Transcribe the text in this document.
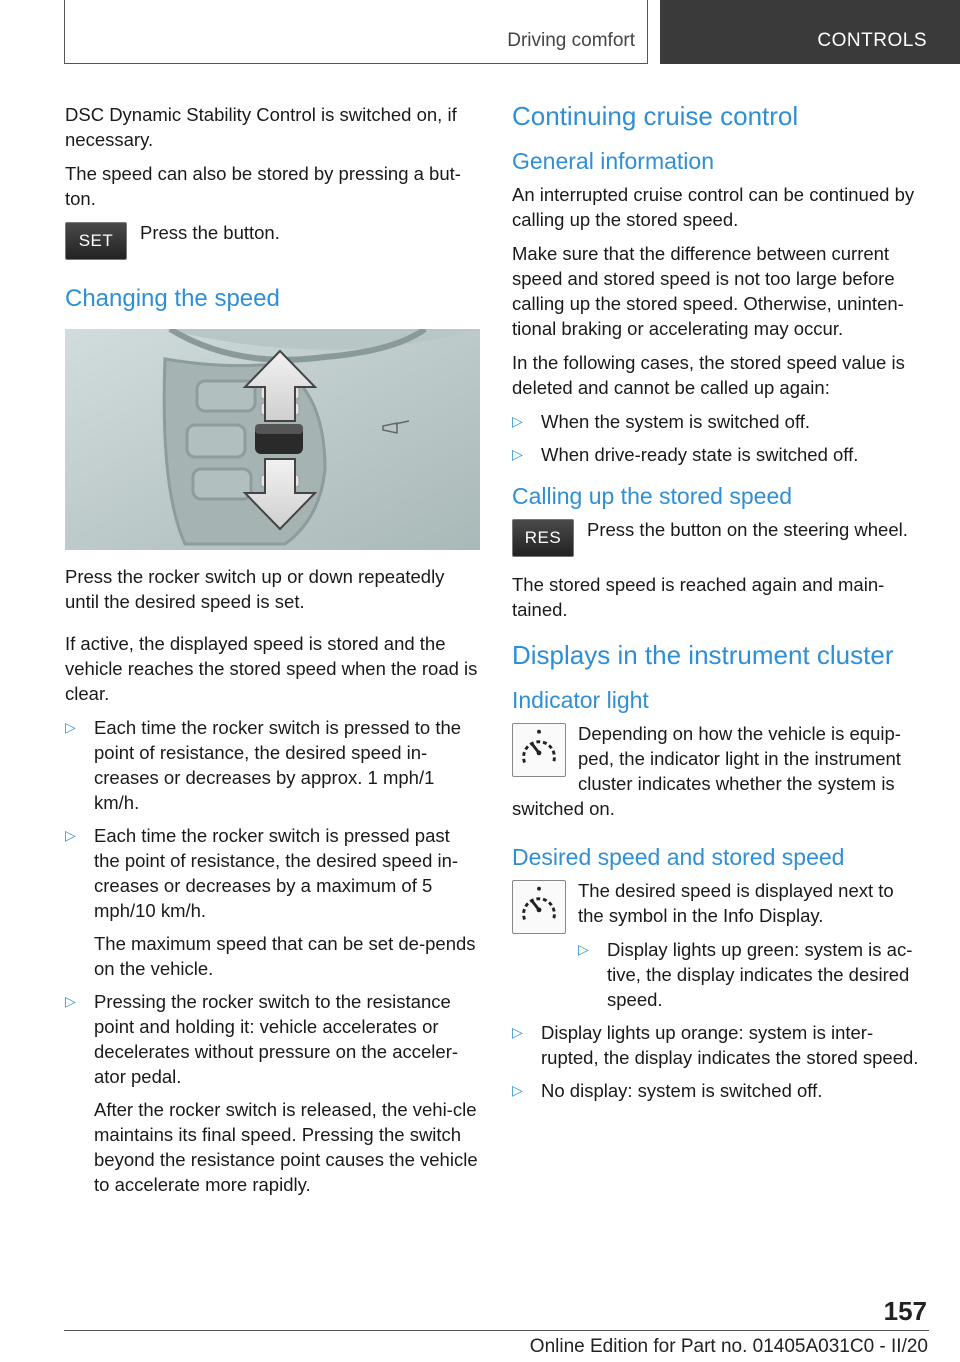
Driving comfort	CONTROLS

DSC Dynamic Stability Control is switched on, if necessary.

The speed can also be stored by pressing a but-ton.

SET	Press the button.

Changing the speed

Press the rocker switch up or down repeatedly until the desired speed is set.

If active, the displayed speed is stored and the vehicle reaches the stored speed when the road is clear.

▷ Each time the rocker switch is pressed to the point of resistance, the desired speed in-creases or decreases by approx. 1 mph/1 km/h.

▷ Each time the rocker switch is pressed past the point of resistance, the desired speed in-creases or decreases by a maximum of 5 mph/10 km/h.

The maximum speed that can be set de-pends on the vehicle.

▷ Pressing the rocker switch to the resistance point and holding it: vehicle accelerates or decelerates without pressure on the acceler-ator pedal.

After the rocker switch is released, the vehi-cle maintains its final speed. Pressing the switch beyond the resistance point causes the vehicle to accelerate more rapidly.

Continuing cruise control
General information

An interrupted cruise control can be continued by calling up the stored speed.

Make sure that the difference between current speed and stored speed is not too large before calling up the stored speed. Otherwise, uninten-tional braking or accelerating may occur.

In the following cases, the stored speed value is deleted and cannot be called up again:

▷ When the system is switched off.

▷ When drive-ready state is switched off.

Calling up the stored speed
RES	Press the button on the steering wheel.

The stored speed is reached again and main-tained.

Displays in the instrument cluster
Indicator light

Depending on how the vehicle is equip-ped, the indicator light in the instrument cluster indicates whether the system is switched on.

Desired speed and stored speed

The desired speed is displayed next to the symbol in the Info Display.

▷ Display lights up green: system is ac-tive, the display indicates the desired speed.

▷ Display lights up orange: system is inter-rupted, the display indicates the stored speed.

▷ No display: system is switched off.

157
Online Edition for Part no. 01405A031C0 - II/20
